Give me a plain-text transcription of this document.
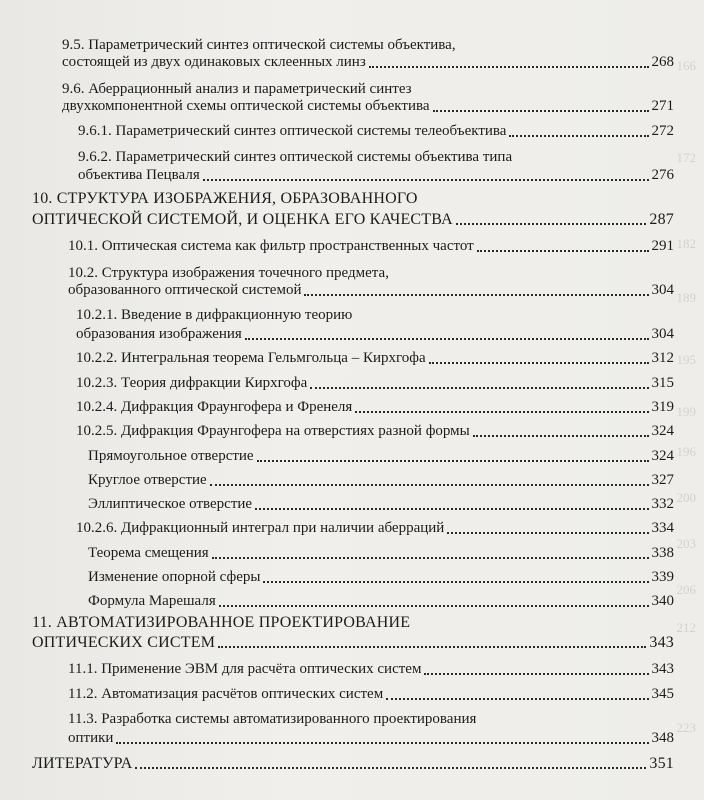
166
172
182
189
195
199
196
200
203
206
212
223
9.5. Параметрический синтез оптической системы объектива,
состоящей из двух одинаковых склеенных линз	268
9.6. Аберрационный анализ и параметрический синтез
двухкомпонентной схемы оптической системы объектива	271
9.6.1. Параметрический синтез оптической системы телеобъектива	272
9.6.2. Параметрический синтез оптической системы объектива типа
объектива Пецваля	276
10. СТРУКТУРА ИЗОБРАЖЕНИЯ, ОБРАЗОВАННОГО
ОПТИЧЕСКОЙ СИСТЕМОЙ, И ОЦЕНКА ЕГО КАЧЕСТВА	287
10.1. Оптическая система как фильтр пространственных частот	291
10.2. Структура изображения точечного предмета,
образованного оптической системой	304
10.2.1. Введение в дифракционную теорию
образования изображения	304
10.2.2. Интегральная теорема Гельмгольца – Кирхгофа	312
10.2.3. Теория дифракции Кирхгофа	315
10.2.4. Дифракция Фраунгофера и Френеля	319
10.2.5. Дифракция Фраунгофера на отверстиях разной формы	324
Прямоугольное отверстие	324
Круглое отверстие	327
Эллиптическое отверстие	332
10.2.6. Дифракционный интеграл при наличии аберраций	334
Теорема смещения	338
Изменение опорной сферы	339
Формула Марешаля	340
11. АВТОМАТИЗИРОВАННОЕ ПРОЕКТИРОВАНИЕ
ОПТИЧЕСКИХ СИСТЕМ	343
11.1. Применение ЭВМ для расчёта оптических систем	343
11.2. Автоматизация расчётов оптических систем	345
11.3. Разработка системы автоматизированного проектирования
оптики	348
ЛИТЕРАТУРА	351
